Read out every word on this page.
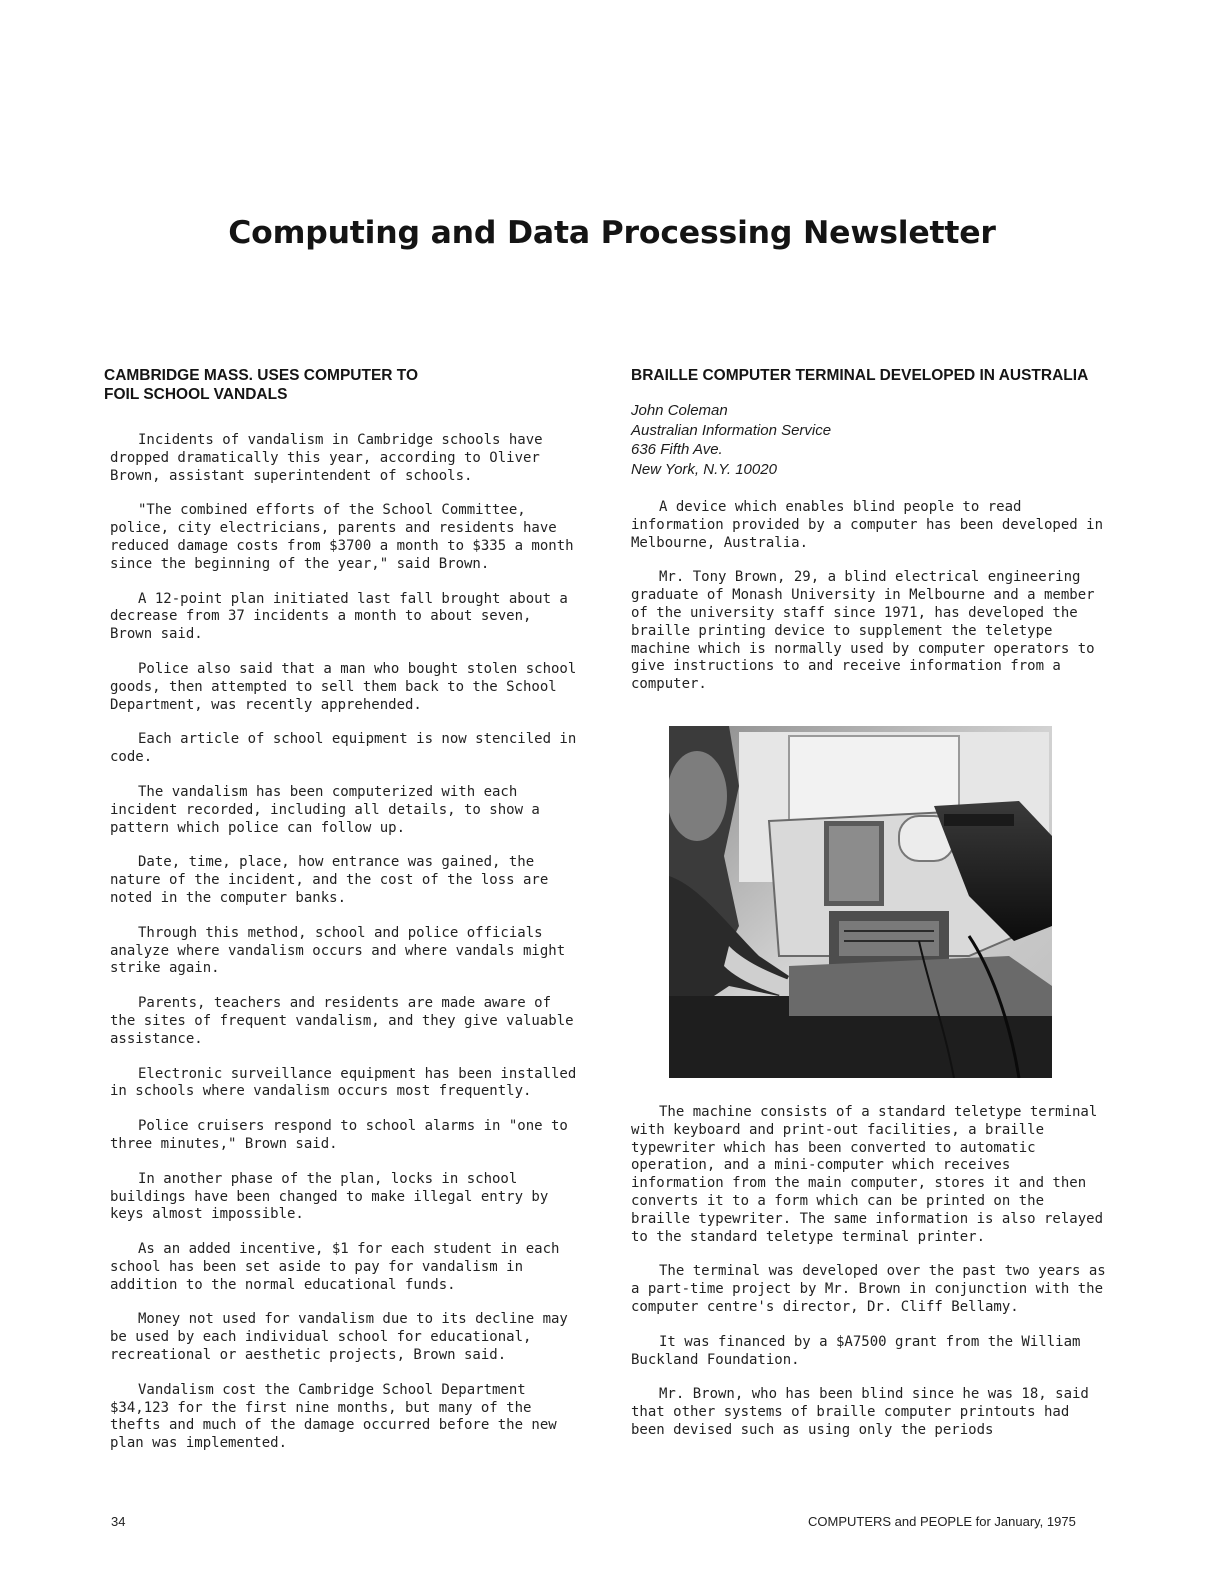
Computing and Data Processing Newsletter
CAMBRIDGE MASS. USES COMPUTER TO
FOIL SCHOOL VANDALS

Incidents of vandalism in Cambridge schools have dropped dramatically this year, according to Oliver Brown, assistant superintendent of schools.

"The combined efforts of the School Committee, police, city electricians, parents and residents have reduced damage costs from $3700 a month to $335 a month since the beginning of the year," said Brown.

A 12-point plan initiated last fall brought about a decrease from 37 incidents a month to about seven, Brown said.

Police also said that a man who bought stolen school goods, then attempted to sell them back to the School Department, was recently apprehended.

Each article of school equipment is now stenciled in code.

The vandalism has been computerized with each incident recorded, including all details, to show a pattern which police can follow up.

Date, time, place, how entrance was gained, the nature of the incident, and the cost of the loss are noted in the computer banks.

Through this method, school and police officials analyze where vandalism occurs and where vandals might strike again.

Parents, teachers and residents are made aware of the sites of frequent vandalism, and they give valuable assistance.

Electronic surveillance equipment has been installed in schools where vandalism occurs most frequently.

Police cruisers respond to school alarms in "one to three minutes," Brown said.

In another phase of the plan, locks in school buildings have been changed to make illegal entry by keys almost impossible.

As an added incentive, $1 for each student in each school has been set aside to pay for vandalism in addition to the normal educational funds.

Money not used for vandalism due to its decline may be used by each individual school for educational, recreational or aesthetic projects, Brown said.

Vandalism cost the Cambridge School Department $34,123 for the first nine months, but many of the thefts and much of the damage occurred before the new plan was implemented.

BRAILLE COMPUTER TERMINAL DEVELOPED IN AUSTRALIA
John Coleman
Australian Information Service
636 Fifth Ave.
New York, N.Y. 10020

A device which enables blind people to read information provided by a computer has been developed in Melbourne, Australia.

Mr. Tony Brown, 29, a blind electrical engineering graduate of Monash University in Melbourne and a member of the university staff since 1971, has developed the braille printing device to supplement the teletype machine which is normally used by computer operators to give instructions to and receive information from a computer.

The machine consists of a standard teletype terminal with keyboard and print-out facilities, a braille typewriter which has been converted to automatic operation, and a mini-computer which receives information from the main computer, stores it and then converts it to a form which can be printed on the braille typewriter. The same information is also relayed to the standard teletype terminal printer.

The terminal was developed over the past two years as a part-time project by Mr. Brown in conjunction with the computer centre's director, Dr. Cliff Bellamy.

It was financed by a $A7500 grant from the William Buckland Foundation.

Mr. Brown, who has been blind since he was 18, said that other systems of braille computer printouts had been devised such as using only the periods

34	COMPUTERS and PEOPLE for January, 1975
